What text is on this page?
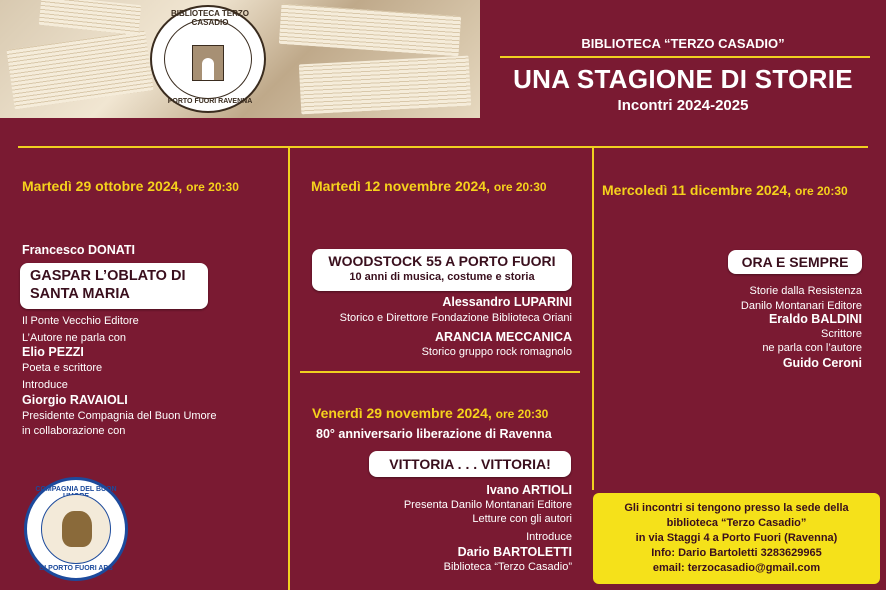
BIBLIOTECA TERZO CASADIO
PORTO FUORI RAVENNA
BIBLIOTECA “TERZO CASADIO”
UNA STAGIONE DI STORIE
Incontri 2024-2025
Martedì 29 ottobre 2024, ore 20:30
Francesco DONATI
GASPAR L’OBLATO DI
SANTA MARIA
Il Ponte Vecchio Editore
L’Autore ne parla con
Elio PEZZI
Poeta e scrittore
Introduce
Giorgio RAVAIOLI
Presidente Compagnia del Buon Umore
in collaborazione con
COMPAGNIA DEL BUON
DI PORTO FUORI APS
Martedì 12 novembre 2024, ore 20:30
WOODSTOCK 55 A PORTO FUORI
10 anni di musica, costume e storia
Alessandro LUPARINI
Storico e Direttore Fondazione Biblioteca Oriani
ARANCIA MECCANICA
Storico gruppo rock romagnolo
Venerdì 29 novembre 2024, ore 20:30
80° anniversario liberazione di Ravenna
VITTORIA . . . VITTORIA!
Ivano ARTIOLI
Presenta Danilo Montanari Editore
Letture con gli autori
Introduce
Dario BARTOLETTI
Biblioteca “Terzo Casadio”
Mercoledì 11 dicembre 2024, ore 20:30
ORA E SEMPRE
Storie dalla Resistenza
Danilo Montanari Editore
Eraldo BALDINI
Scrittore
ne parla con l’autore
Guido Ceroni
Gli incontri si tengono presso la sede della
biblioteca “Terzo Casadio”
in via Staggi 4 a Porto Fuori (Ravenna)
Info: Dario Bartoletti 3283629965
email: terzocasadio@gmail.com
